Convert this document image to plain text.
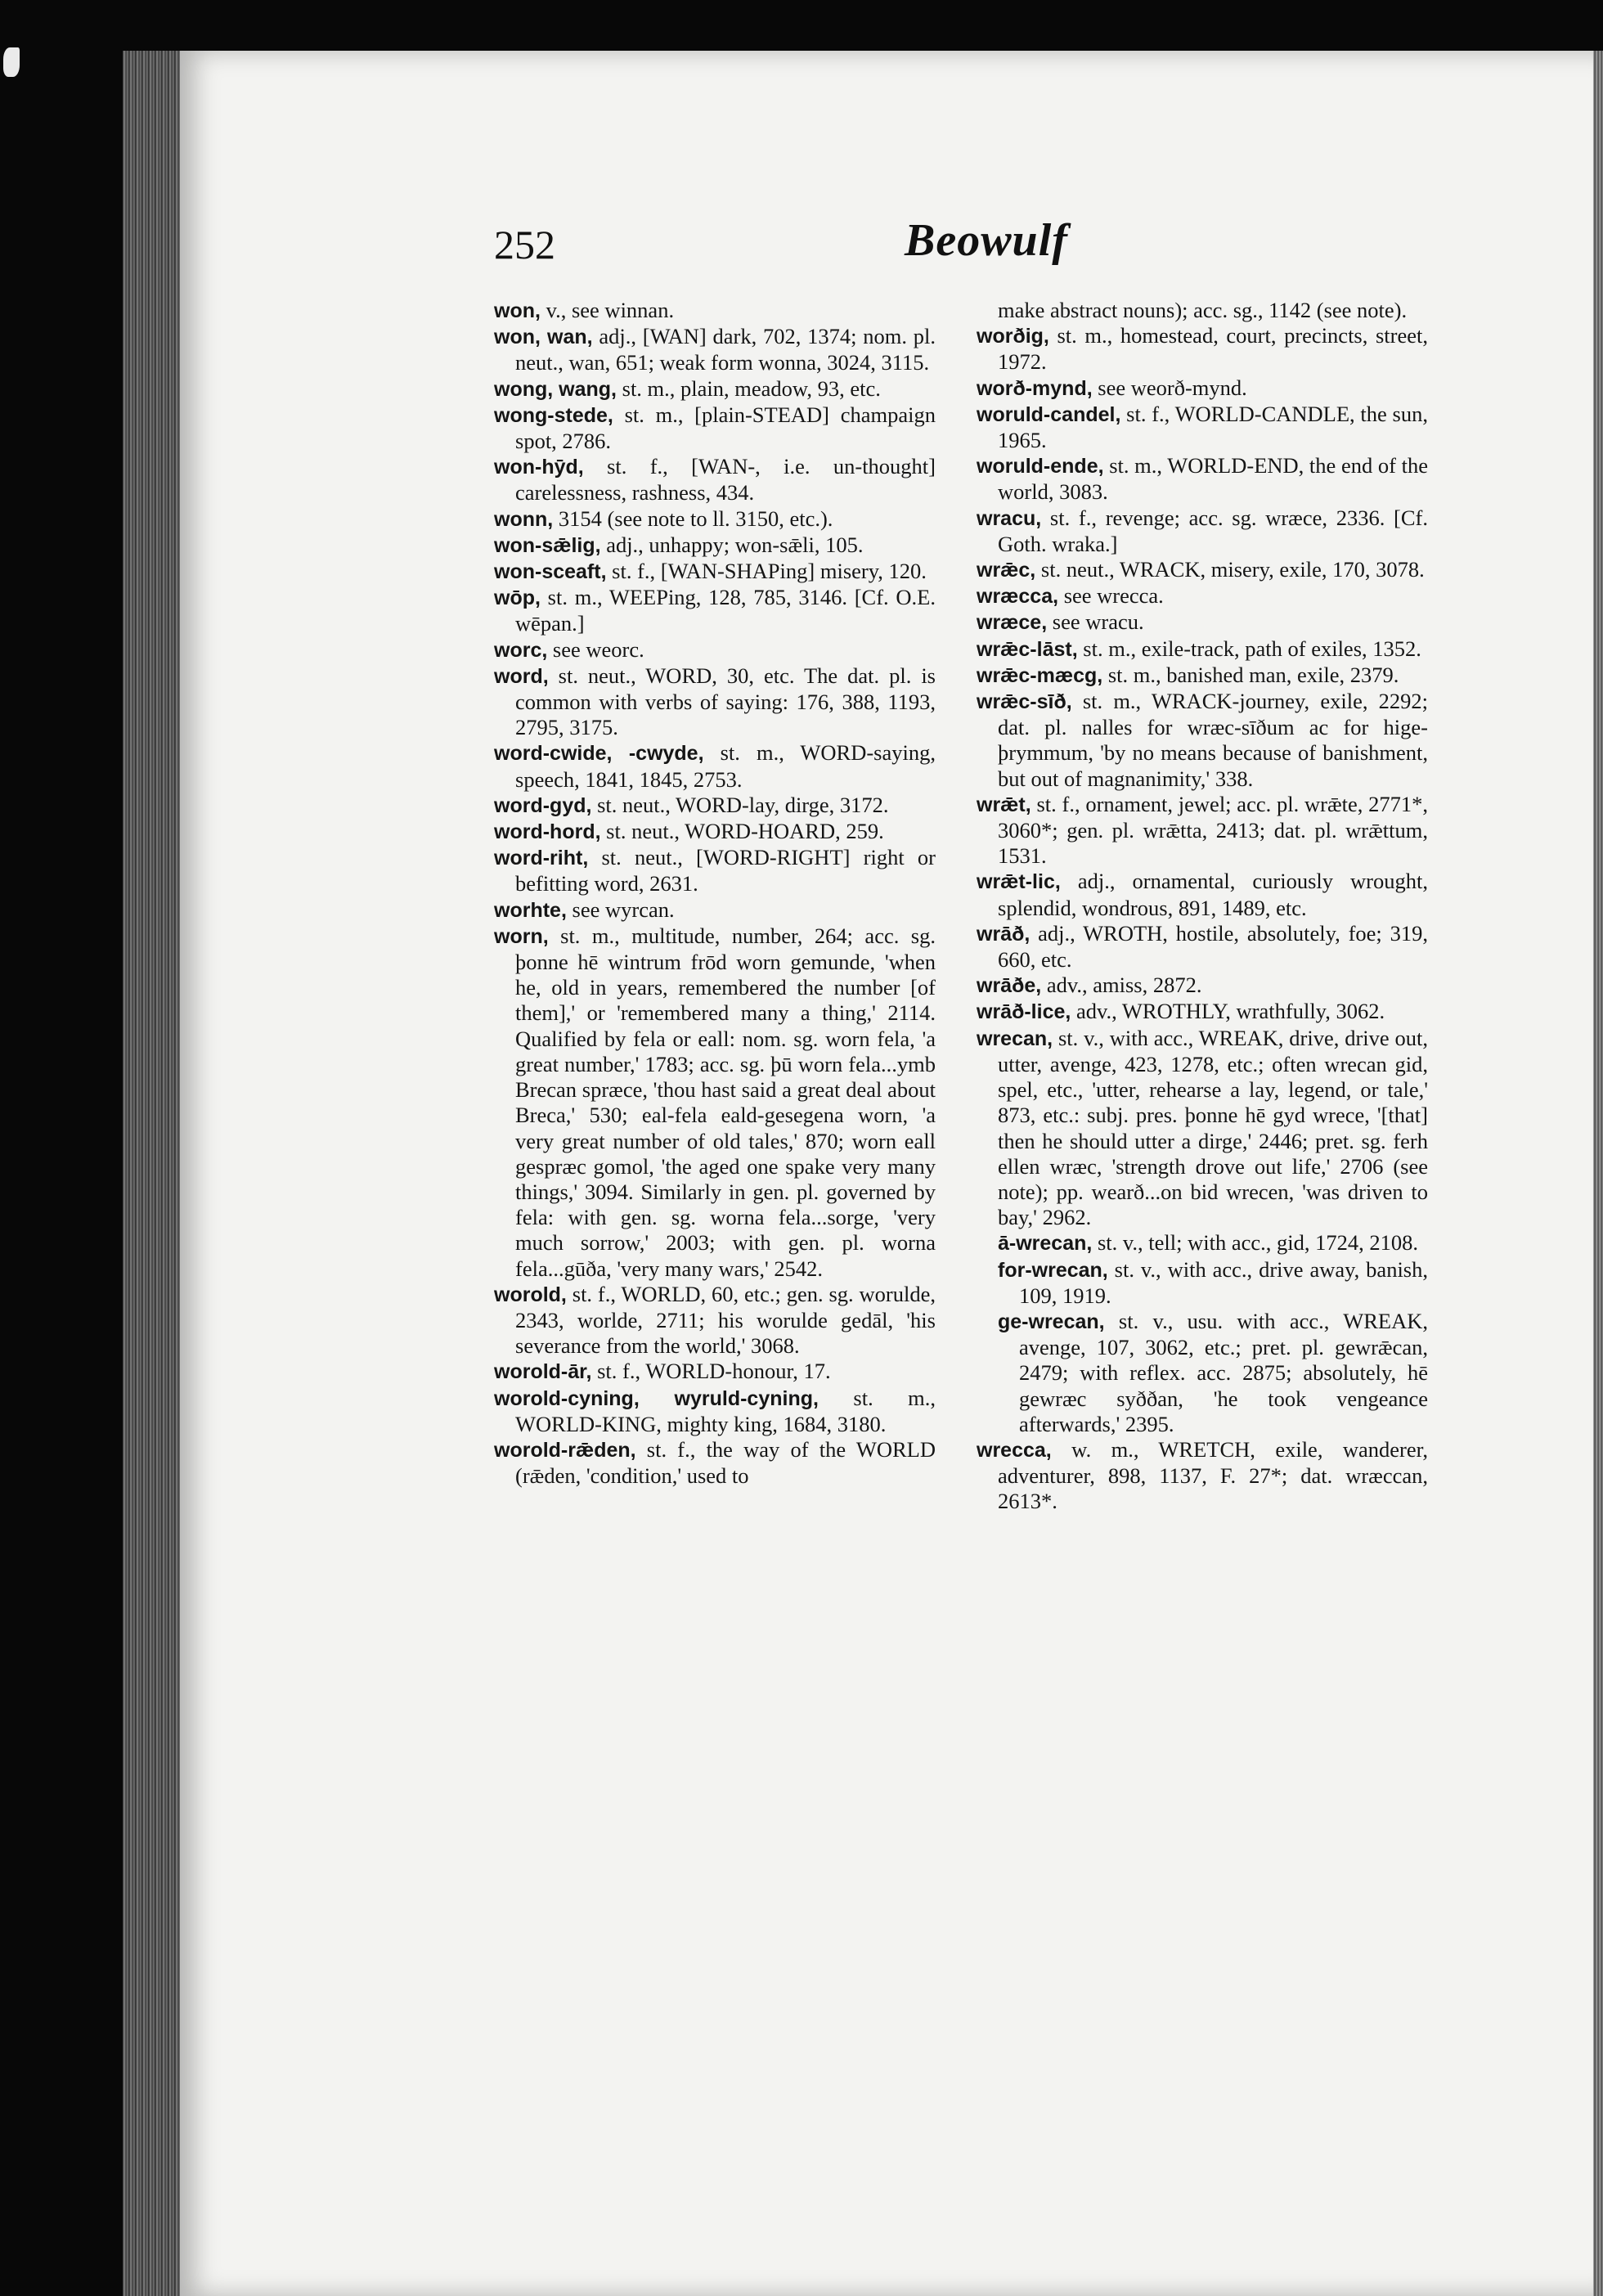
252	Beowulf

won, v., see winnan.

won, wan, adj., [WAN] dark, 702, 1374; nom. pl. neut., wan, 651; weak form wonna, 3024, 3115.

wong, wang, st. m., plain, meadow, 93, etc.

wong-stede, st. m., [plain-STEAD] champaign spot, 2786.

won-hȳd, st. f., [WAN-, i.e. un-thought] carelessness, rashness, 434.

wonn, 3154 (see note to ll. 3150, etc.).

won-sǣlig, adj., unhappy; won-sǣli, 105.

won-sceaft, st. f., [WAN-SHAPing] misery, 120.

wōp, st. m., WEEPing, 128, 785, 3146. [Cf. O.E. wēpan.]

worc, see weorc.

word, st. neut., WORD, 30, etc. The dat. pl. is common with verbs of saying: 176, 388, 1193, 2795, 3175.

word-cwide, -cwyde, st. m., WORD-saying, speech, 1841, 1845, 2753.

word-gyd, st. neut., WORD-lay, dirge, 3172.

word-hord, st. neut., WORD-HOARD, 259.

word-riht, st. neut., [WORD-RIGHT] right or befitting word, 2631.

worhte, see wyrcan.

worn, st. m., multitude, number, 264; acc. sg. þonne hē wintrum frōd worn gemunde, 'when he, old in years, remembered the number [of them],' or 'remembered many a thing,' 2114. Qualified by fela or eall: nom. sg. worn fela, 'a great number,' 1783; acc. sg. þū worn fela...ymb Brecan spræce, 'thou hast said a great deal about Breca,' 530; eal-fela eald-gesegena worn, 'a very great number of old tales,' 870; worn eall gespræc gomol, 'the aged one spake very many things,' 3094. Similarly in gen. pl. governed by fela: with gen. sg. worna fela...sorge, 'very much sorrow,' 2003; with gen. pl. worna fela...gūðа, 'very many wars,' 2542.

worold, st. f., WORLD, 60, etc.; gen. sg. worulde, 2343, worlde, 2711; his worulde gedāl, 'his severance from the world,' 3068.

worold-ār, st. f., WORLD-honour, 17.

worold-cyning, wyruld-cyning, st. m., WORLD-KING, mighty king, 1684, 3180.

worold-rǣden, st. f., the way of the WORLD (rǣden, 'condition,' used to

make abstract nouns); acc. sg., 1142 (see note).

worðig, st. m., homestead, court, precincts, street, 1972.

worð-mynd, see weorð-mynd.

woruld-candel, st. f., WORLD-CANDLE, the sun, 1965.

woruld-ende, st. m., WORLD-END, the end of the world, 3083.

wracu, st. f., revenge; acc. sg. wræce, 2336. [Cf. Goth. wraka.]

wrǣc, st. neut., WRACK, misery, exile, 170, 3078.

wræcca, see wrecca.

wræce, see wracu.

wrǣc-lāst, st. m., exile-track, path of exiles, 1352.

wrǣc-mæcg, st. m., banished man, exile, 2379.

wrǣc-sīð, st. m., WRACK-journey, exile, 2292; dat. pl. nalles for wræc-sīðum ac for hige-þrymmum, 'by no means because of banishment, but out of magnanimity,' 338.

wrǣt, st. f., ornament, jewel; acc. pl. wrǣte, 2771*, 3060*; gen. pl. wrǣtta, 2413; dat. pl. wrǣttum, 1531.

wrǣt-lic, adj., ornamental, curiously wrought, splendid, wondrous, 891, 1489, etc.

wrāð, adj., WROTH, hostile, absolutely, foe; 319, 660, etc.

wrāðe, adv., amiss, 2872.

wrāð-lice, adv., WROTHLY, wrathfully, 3062.

wrecan, st. v., with acc., WREAK, drive, drive out, utter, avenge, 423, 1278, etc.; often wrecan gid, spel, etc., 'utter, rehearse a lay, legend, or tale,' 873, etc.: subj. pres. þonne hē gyd wrece, '[that] then he should utter a dirge,' 2446; pret. sg. ferh ellen wræc, 'strength drove out life,' 2706 (see note); pp. wearð...on bid wrecen, 'was driven to bay,' 2962.

ā-wrecan, st. v., tell; with acc., gid, 1724, 2108.

for-wrecan, st. v., with acc., drive away, banish, 109, 1919.

ge-wrecan, st. v., usu. with acc., WREAK, avenge, 107, 3062, etc.; pret. pl. gewrǣcan, 2479; with reflex. acc. 2875; absolutely, hē gewræc syððan, 'he took vengeance afterwards,' 2395.

wrecca, w. m., WRETCH, exile, wanderer, adventurer, 898, 1137, F. 27*; dat. wræccan, 2613*.
